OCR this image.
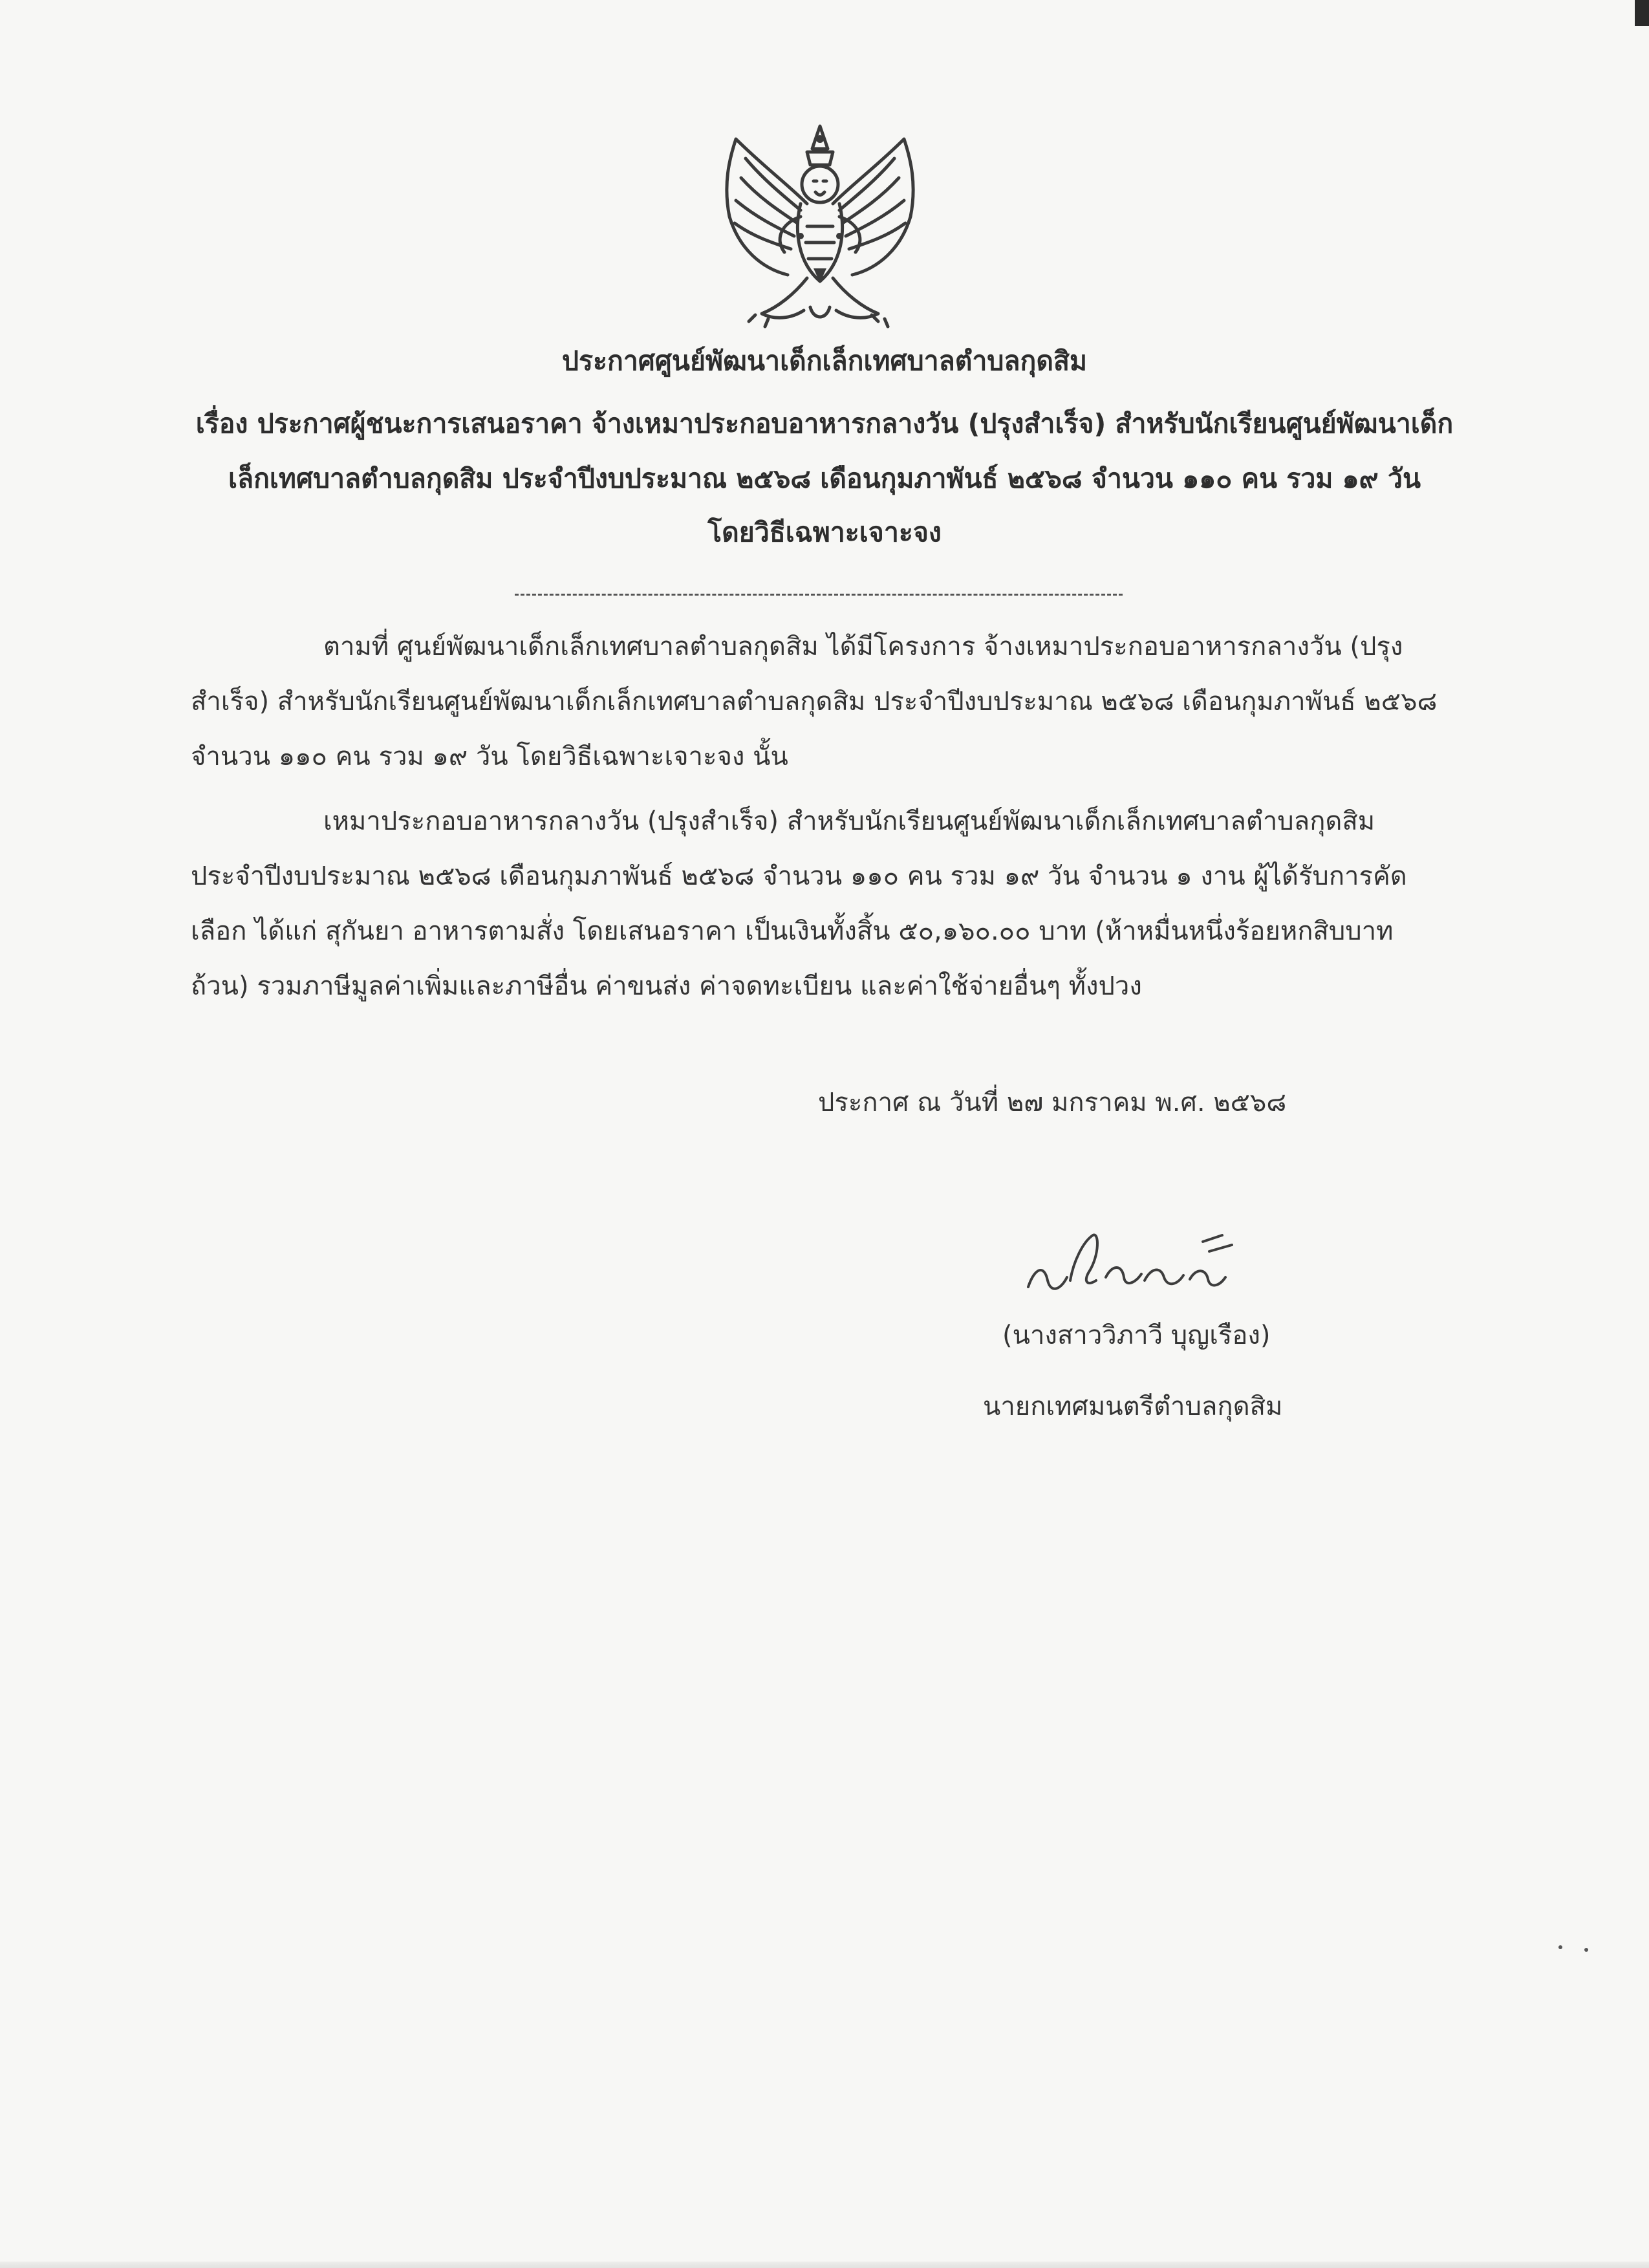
ประกาศศูนย์พัฒนาเด็กเล็กเทศบาลตำบลกุดสิม
เรื่อง ประกาศผู้ชนะการเสนอราคา จ้างเหมาประกอบอาหารกลางวัน (ปรุงสำเร็จ) สำหรับนักเรียนศูนย์พัฒนาเด็ก
เล็กเทศบาลตำบลกุดสิม ประจำปีงบประมาณ ๒๕๖๘ เดือนกุมภาพันธ์ ๒๕๖๘ จำนวน ๑๑๐ คน รวม ๑๙ วัน
โดยวิธีเฉพาะเจาะจง
ตามที่ ศูนย์พัฒนาเด็กเล็กเทศบาลตำบลกุดสิม ได้มีโครงการ จ้างเหมาประกอบอาหารกลางวัน (ปรุง
สำเร็จ) สำหรับนักเรียนศูนย์พัฒนาเด็กเล็กเทศบาลตำบลกุดสิม ประจำปีงบประมาณ ๒๕๖๘ เดือนกุมภาพันธ์ ๒๕๖๘
จำนวน ๑๑๐ คน รวม ๑๙ วัน โดยวิธีเฉพาะเจาะจง นั้น
เหมาประกอบอาหารกลางวัน (ปรุงสำเร็จ) สำหรับนักเรียนศูนย์พัฒนาเด็กเล็กเทศบาลตำบลกุดสิม
ประจำปีงบประมาณ ๒๕๖๘ เดือนกุมภาพันธ์ ๒๕๖๘ จำนวน ๑๑๐ คน รวม ๑๙ วัน จำนวน ๑ งาน ผู้ได้รับการคัด
เลือก ได้แก่ สุกันยา อาหารตามสั่ง โดยเสนอราคา เป็นเงินทั้งสิ้น ๕๐,๑๖๐.๐๐ บาท (ห้าหมื่นหนึ่งร้อยหกสิบบาท
ถ้วน) รวมภาษีมูลค่าเพิ่มและภาษีอื่น ค่าขนส่ง ค่าจดทะเบียน และค่าใช้จ่ายอื่นๆ ทั้งปวง
ประกาศ ณ วันที่ ๒๗ มกราคม พ.ศ. ๒๕๖๘
(นางสาววิภาวี บุญเรือง)
นายกเทศมนตรีตำบลกุดสิม
